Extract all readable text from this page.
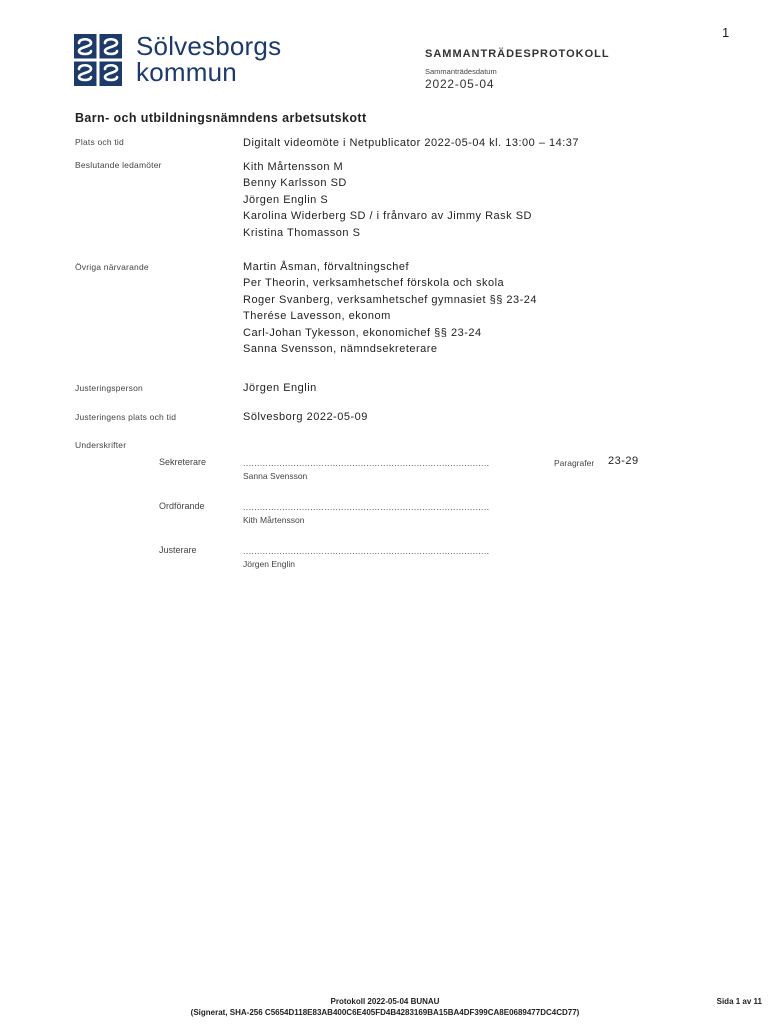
1
Sölvesborgs
kommun
SAMMANTRÄDESPROTOKOLL
Sammanträdesdatum
2022-05-04
Barn- och utbildningsnämndens arbetsutskott
Plats och tid	Digitalt videomöte i Netpublicator 2022-05-04 kl. 13:00 – 14:37
Beslutande ledamöter	Kith Mårtensson M
Benny Karlsson SD
Jörgen Englin S
Karolina Widerberg SD / i frånvaro av Jimmy Rask SD
Kristina Thomasson S
Övriga närvarande	Martin Åsman, förvaltningschef
Per Theorin, verksamhetschef förskola och skola
Roger Svanberg, verksamhetschef gymnasiet §§ 23-24
Therése Lavesson, ekonom
Carl-Johan Tykesson, ekonomichef §§ 23-24
Sanna Svensson, nämndsekreterare
Justeringsperson	Jörgen Englin
Justeringens plats och tid	Sölvesborg 2022-05-09
Underskrifter
Sekreterare	........................................................................................	Paragrafer 23-29
Sanna Svensson
Ordförande	........................................................................................
Kith Mårtensson
Justerare	........................................................................................
Jörgen Englin
Protokoll 2022-05-04 BUNAU
(Signerat, SHA-256 C5654D118E83AB400C6E405FD4B4283169BA15BA4DF399CA8E0689477DC4CD77)
Sida 1 av 11
